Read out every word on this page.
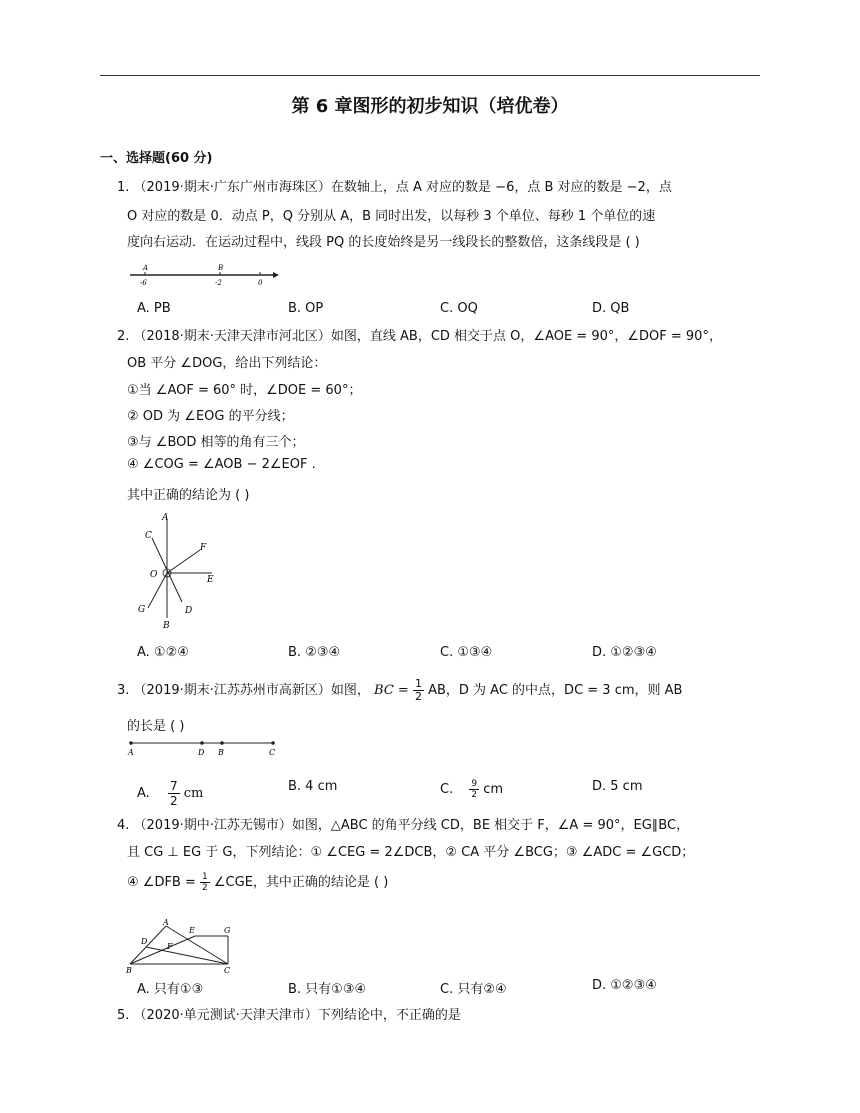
第 6 章图形的初步知识（培优卷）
一、选择题(60 分)
1. （2019·期末·广东广州市海珠区）在数轴上，点 A 对应的数是 −6，点 B 对应的数是 −2，点
O 对应的数是 0．动点 P，Q 分别从 A，B 同时出发，以每秒 3 个单位、每秒 1 个单位的速
度向右运动．在运动过程中，线段 PQ 的长度始终是另一线段长的整数倍，这条线段是 ( )
A	B
-6	-2	0
A. PB	B. OP	C. OQ	D. QB
2. （2018·期末·天津天津市河北区）如图，直线 AB，CD 相交于点 O，∠AOE = 90°，∠DOF = 90°，
OB 平分 ∠DOG，给出下列结论：
①当 ∠AOF = 60° 时，∠DOE = 60°；
② OD 为 ∠EOG 的平分线；
③与 ∠BOD 相等的角有三个；
④ ∠COG = ∠AOB − 2∠EOF .
其中正确的结论为 ( )
A
B
C
D
E
F
G
O
A. ①②④	B. ②③④	C. ①③④	D. ①②③④
3. （2019·期末·江苏苏州市高新区）如图， BC = $\frac{1}{2}$ AB，D 为 AC 的中点，DC = 3 cm，则 AB
的长是 ( )
A	D B	C
A. $\frac{7}{2}$ cm	B. 4 cm	C. $\frac{9}{2}$ cm	D. 5 cm
4. （2019·期中·江苏无锡市）如图，△ABC 的角平分线 CD，BE 相交于 F，∠A = 90°，EG∥BC，
且 CG ⊥ EG 于 G，下列结论：① ∠CEG = 2∠DCB，② CA 平分 ∠BCG；③ ∠ADC = ∠GCD；
④ ∠DFB = $\frac{1}{2}$ ∠CGE，其中正确的结论是 ( )
A
B	C
D
E
F
G
A. 只有①③	B. 只有①③④	C. 只有②④	D. ①②③④
5. （2020·单元测试·天津天津市）下列结论中，不正确的是
